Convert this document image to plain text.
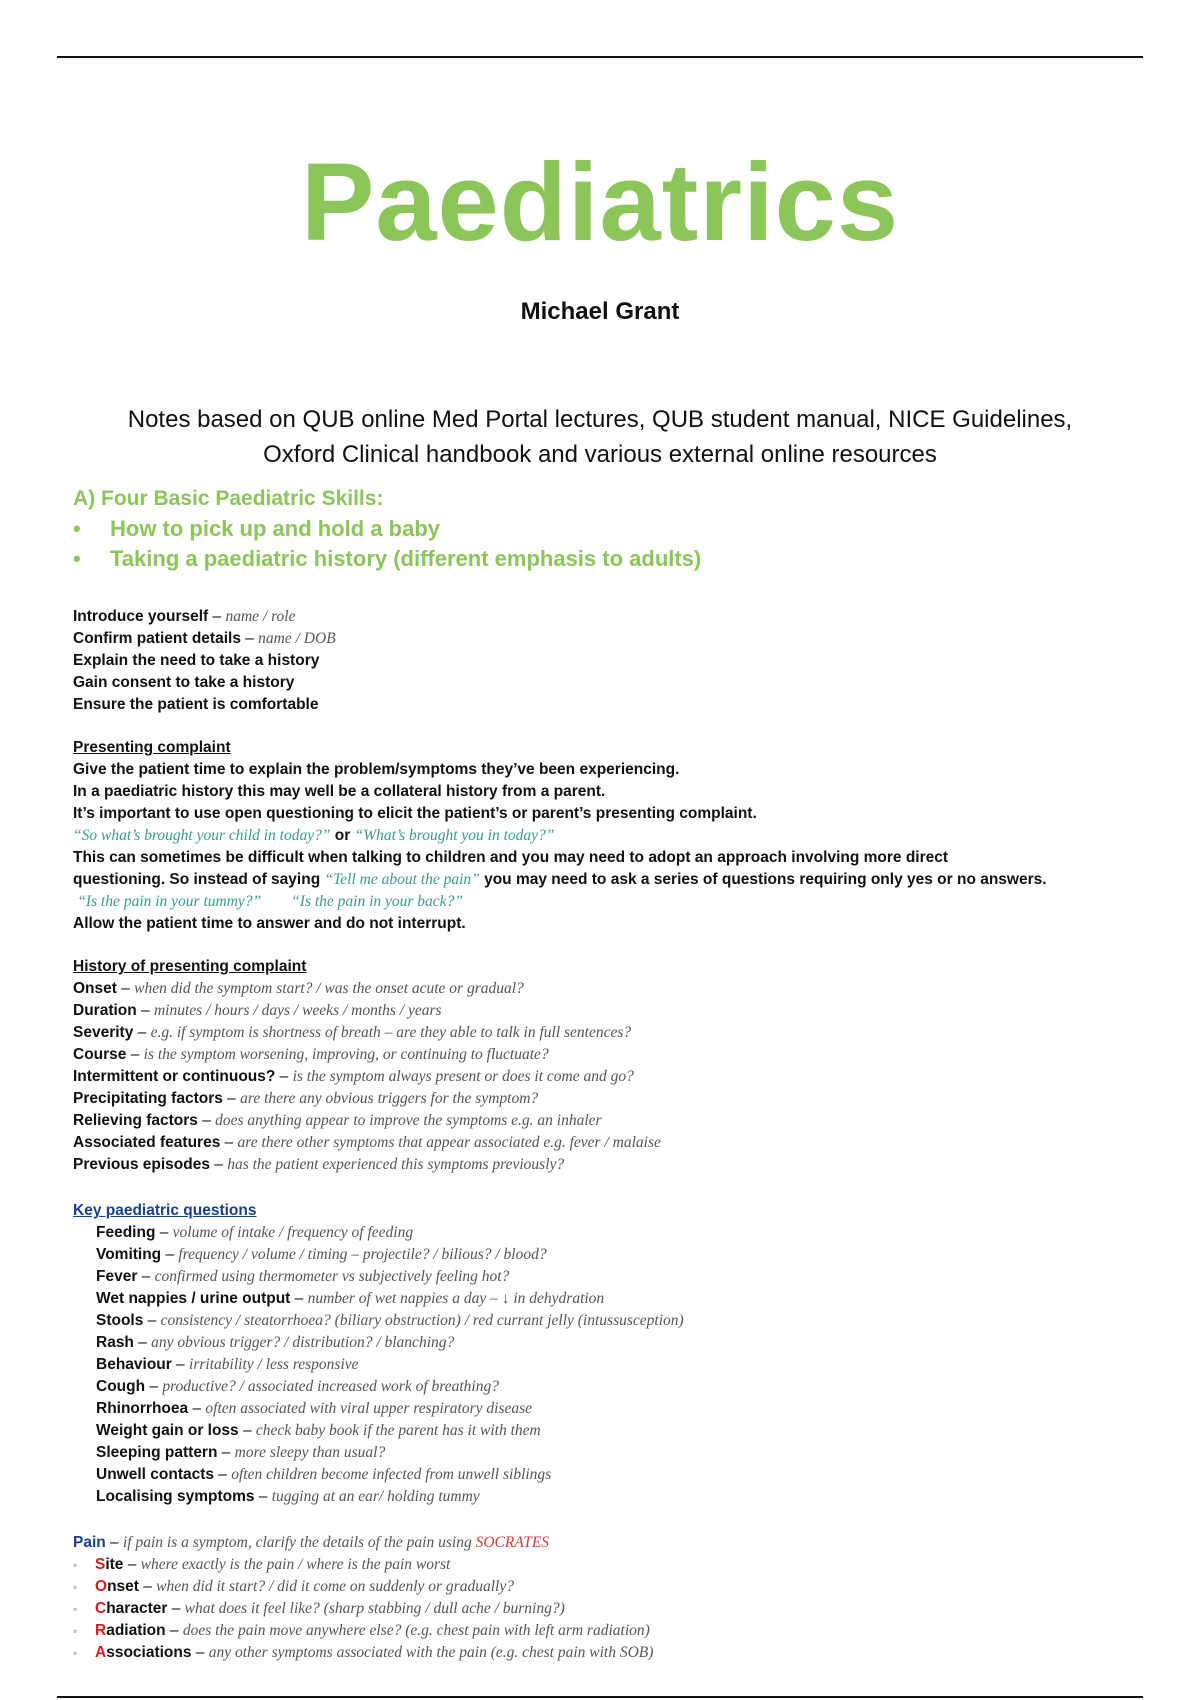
Paediatrics
Michael Grant
Notes based on QUB online Med Portal lectures, QUB student manual, NICE Guidelines,
Oxford Clinical handbook and various external online resources
A) Four Basic Paediatric Skills:
• How to pick up and hold a baby
• Taking a paediatric history (different emphasis to adults)
Introduce yourself – name / role
Confirm patient details – name / DOB
Explain the need to take a history
Gain consent to take a history
Ensure the patient is comfortable
Presenting complaint
Give the patient time to explain the problem/symptoms they’ve been experiencing.
In a paediatric history this may well be a collateral history from a parent.
It’s important to use open questioning to elicit the patient’s or parent’s presenting complaint.
“So what’s brought your child in today?” or “What’s brought you in today?”
This can sometimes be difficult when talking to children and you may need to adopt an approach involving more direct
questioning. So instead of saying “Tell me about the pain” you may need to ask a series of questions requiring only yes or no answers.
“Is the pain in your tummy?” “Is the pain in your back?”
Allow the patient time to answer and do not interrupt.
History of presenting complaint
Onset – when did the symptom start? / was the onset acute or gradual?
Duration – minutes / hours / days / weeks / months / years
Severity – e.g. if symptom is shortness of breath – are they able to talk in full sentences?
Course – is the symptom worsening, improving, or continuing to fluctuate?
Intermittent or continuous? – is the symptom always present or does it come and go?
Precipitating factors – are there any obvious triggers for the symptom?
Relieving factors – does anything appear to improve the symptoms e.g. an inhaler
Associated features – are there other symptoms that appear associated e.g. fever / malaise
Previous episodes – has the patient experienced this symptoms previously?
Key paediatric questions
Feeding – volume of intake / frequency of feeding
Vomiting – frequency / volume / timing – projectile? / bilious? / blood?
Fever – confirmed using thermometer vs subjectively feeling hot?
Wet nappies / urine output – number of wet nappies a day – ↓ in dehydration
Stools – consistency / steatorrhoea? (biliary obstruction) / red currant jelly (intussusception)
Rash – any obvious trigger? / distribution? / blanching?
Behaviour – irritability / less responsive
Cough – productive? / associated increased work of breathing?
Rhinorrhoea – often associated with viral upper respiratory disease
Weight gain or loss – check baby book if the parent has it with them
Sleeping pattern – more sleepy than usual?
Unwell contacts – often children become infected from unwell siblings
Localising symptoms – tugging at an ear/ holding tummy
Pain – if pain is a symptom, clarify the details of the pain using SOCRATES
◦ Site – where exactly is the pain / where is the pain worst
◦ Onset – when did it start? / did it come on suddenly or gradually?
◦ Character – what does it feel like? (sharp stabbing / dull ache / burning?)
◦ Radiation – does the pain move anywhere else? (e.g. chest pain with left arm radiation)
◦ Associations – any other symptoms associated with the pain (e.g. chest pain with SOB)
